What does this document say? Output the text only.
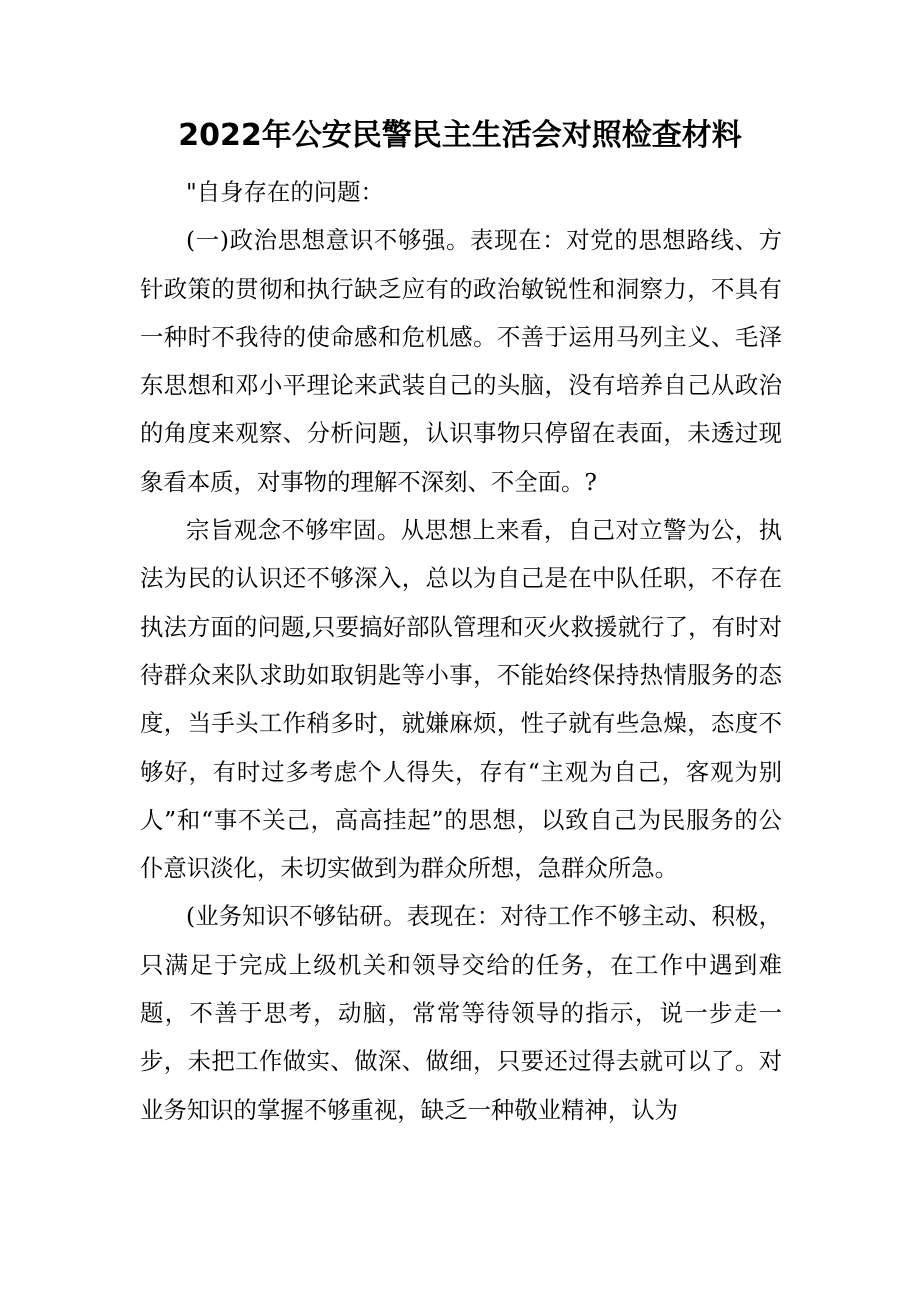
2022年公安民警民主生活会对照检查材料

"自身存在的问题：

(一)政治思想意识不够强。表现在：对党的思想路线、方针政策的贯彻和执行缺乏应有的政治敏锐性和洞察力，不具有一种时不我待的使命感和危机感。不善于运用马列主义、毛泽东思想和邓小平理论来武装自己的头脑，没有培养自己从政治的角度来观察、分析问题，认识事物只停留在表面，未透过现象看本质，对事物的理解不深刻、不全面。?

宗旨观念不够牢固。从思想上来看，自己对立警为公，执法为民的认识还不够深入，总以为自己是在中队任职，不存在执法方面的问题,只要搞好部队管理和灭火救援就行了，有时对待群众来队求助如取钥匙等小事，不能始终保持热情服务的态度，当手头工作稍多时，就嫌麻烦，性子就有些急燥，态度不够好，有时过多考虑个人得失，存有“主观为自己，客观为别人”和“事不关己，高高挂起”的思想，以致自己为民服务的公仆意识淡化，未切实做到为群众所想，急群众所急。

(业务知识不够钻研。表现在：对待工作不够主动、积极，只满足于完成上级机关和领导交给的任务，在工作中遇到难题，不善于思考，动脑，常常等待领导的指示，说一步走一步，未把工作做实、做深、做细，只要还过得去就可以了。对业务知识的掌握不够重视，缺乏一种敬业精神，认为
